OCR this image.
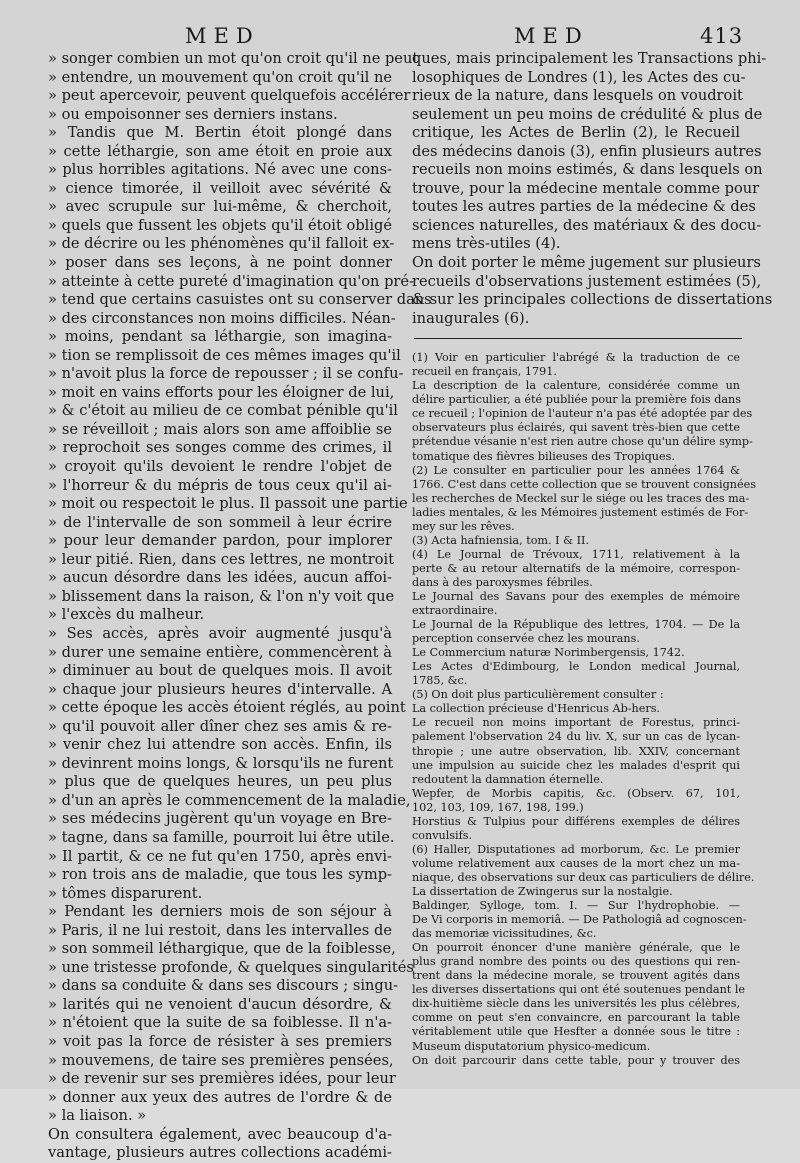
MED	MED	413
» songer combien un mot qu'on croit qu'il ne peut
» entendre, un mouvement qu'on croit qu'il ne
» peut apercevoir, peuvent quelquefois accélérer
» ou empoisonner ses derniers instans.
» Tandis que M. Bertin étoit plongé dans
» cette léthargie, son ame étoit en proie aux
» plus horribles agitations. Né avec une cons-
» cience timorée, il veilloit avec sévérité &
» avec scrupule sur lui-même, & cherchoit,
» quels que fussent les objets qu'il étoit obligé
» de décrire ou les phénomènes qu'il falloit ex-
» poser dans ses leçons, à ne point donner
» atteinte à cette pureté d'imagination qu'on pré-
» tend que certains casuistes ont su conserver dans
» des circonstances non moins difficiles. Néan-
» moins, pendant sa léthargie, son imagina-
» tion se remplissoit de ces mêmes images qu'il
» n'avoit plus la force de repousser ; il se confu-
» moit en vains efforts pour les éloigner de lui,
» & c'étoit au milieu de ce combat pénible qu'il
» se réveilloit ; mais alors son ame affoiblie se
» reprochoit ses songes comme des crimes, il
» croyoit qu'ils devoient le rendre l'objet de
» l'horreur & du mépris de tous ceux qu'il ai-
» moit ou respectoit le plus. Il passoit une partie
» de l'intervalle de son sommeil à leur écrire
» pour leur demander pardon, pour implorer
» leur pitié. Rien, dans ces lettres, ne montroit
» aucun désordre dans les idées, aucun affoi-
» blissement dans la raison, & l'on n'y voit que
» l'excès du malheur.
» Ses accès, après avoir augmenté jusqu'à
» durer une semaine entière, commencèrent à
» diminuer au bout de quelques mois. Il avoit
» chaque jour plusieurs heures d'intervalle. A
» cette époque les accès étoient réglés, au point
» qu'il pouvoit aller dîner chez ses amis & re-
» venir chez lui attendre son accès. Enfin, ils
» devinrent moins longs, & lorsqu'ils ne furent
» plus que de quelques heures, un peu plus
» d'un an après le commencement de la maladie,
» ses médecins jugèrent qu'un voyage en Bre-
» tagne, dans sa famille, pourroit lui être utile.
» Il partit, & ce ne fut qu'en 1750, après envi-
» ron trois ans de maladie, que tous les symp-
» tômes disparurent.
» Pendant les derniers mois de son séjour à
» Paris, il ne lui restoit, dans les intervalles de
» son sommeil léthargique, que de la foiblesse,
» une tristesse profonde, & quelques singularités
» dans sa conduite & dans ses discours ; singu-
» larités qui ne venoient d'aucun désordre, &
» n'étoient que la suite de sa foiblesse. Il n'a-
» voit pas la force de résister à ses premiers
» mouvemens, de taire ses premières pensées,
» de revenir sur ses premières idées, pour leur
» donner aux yeux des autres de l'ordre & de
» la liaison. »
On consultera également, avec beaucoup d'a-
vantage, plusieurs autres collections académi-
ques, mais principalement les Transactions phi-
losophiques de Londres (1), les Actes des cu-
rieux de la nature, dans lesquels on voudroit
seulement un peu moins de crédulité & plus de
critique, les Actes de Berlin (2), le Recueil
des médecins danois (3), enfin plusieurs autres
recueils non moins estimés, & dans lesquels on
trouve, pour la médecine mentale comme pour
toutes les autres parties de la médecine & des
sciences naturelles, des matériaux & des docu-
mens très-utiles (4).
On doit porter le même jugement sur plusieurs
recueils d'observations justement estimées (5),
& sur les principales collections de dissertations
inaugurales (6).
(1) Voir en particulier l'abrégé & la traduction de ce
recueil en français, 1791.
La description de la calenture, considérée comme un
délire particulier, a été publiée pour la première fois dans
ce recueil ; l'opinion de l'auteur n'a pas été adoptée par des
observateurs plus éclairés, qui savent très-bien que cette
prétendue vésanie n'est rien autre chose qu'un délire symp-
tomatique des fièvres bilieuses des Tropiques.
(2) Le consulter en particulier pour les années 1764 &
1766. C'est dans cette collection que se trouvent consignées
les recherches de Meckel sur le siége ou les traces des ma-
ladies mentales, & les Mémoires justement estimés de For-
mey sur les rêves.
(3) Acta hafniensia, tom. I & II.
(4) Le Journal de Trévoux, 1711, relativement à la
perte & au retour alternatifs de la mémoire, correspon-
dans à des paroxysmes fébriles.
Le Journal des Savans pour des exemples de mémoire
extraordinaire.
Le Journal de la République des lettres, 1704. — De la
perception conservée chez les mourans.
Le Commercium naturæ Norimbergensis, 1742.
Les Actes d'Edimbourg, le London medical Journal,
1785, &c.
(5) On doit plus particulièrement consulter :
La collection précieuse d'Henricus Ab-hers.
Le recueil non moins important de Forestus, princi-
palement l'observation 24 du liv. X, sur un cas de lycan-
thropie ; une autre observation, lib. XXIV, concernant
une impulsion au suicide chez les malades d'esprit qui
redoutent la damnation éternelle.
Wepfer, de Morbis capitis, &c. (Observ. 67, 101,
102, 103, 109, 167, 198, 199.)
Horstius & Tulpius pour différens exemples de délires
convulsifs.
(6) Haller, Disputationes ad morborum, &c. Le premier
volume relativement aux causes de la mort chez un ma-
niaque, des observations sur deux cas particuliers de délire.
La dissertation de Zwingerus sur la nostalgie.
Baldinger, Sylloge, tom. I. — Sur l'hydrophobie. —
De Vi corporis in memoriâ. — De Pathologiâ ad cognoscen-
das memoriæ vicissitudines, &c.
On pourroit énoncer d'une manière générale, que le
plus grand nombre des points ou des questions qui ren-
trent dans la médecine morale, se trouvent agités dans
les diverses dissertations qui ont été soutenues pendant le
dix-huitième siècle dans les universités les plus célèbres,
comme on peut s'en convaincre, en parcourant la table
véritablement utile que Hesfter a donnée sous le titre :
Museum disputatorium physico-medicum.
On doit parcourir dans cette table, pour y trouver des
